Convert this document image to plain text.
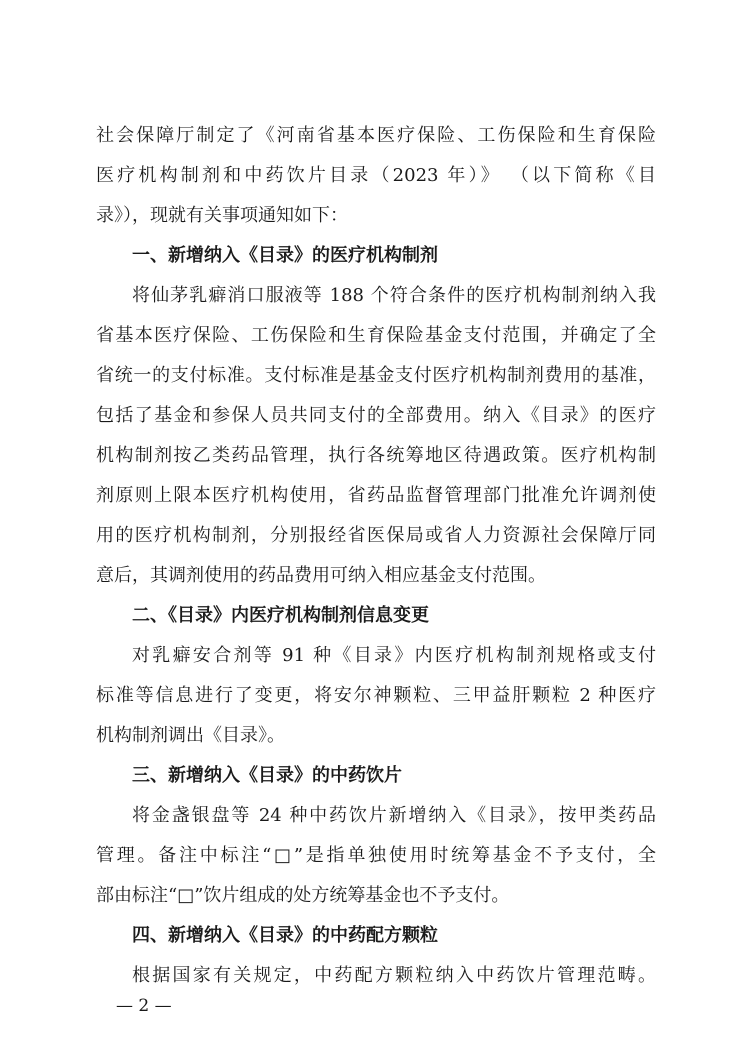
社会保障厅制定了《河南省基本医疗保险、工伤保险和生育保险
医疗机构制剂和中药饮片目录（2023 年）》 （以下简称《目
录》），现就有关事项通知如下：
一、新增纳入《目录》的医疗机构制剂
将仙茅乳癖消口服液等 188 个符合条件的医疗机构制剂纳入我
省基本医疗保险、工伤保险和生育保险基金支付范围，并确定了全
省统一的支付标准。支付标准是基金支付医疗机构制剂费用的基准，
包括了基金和参保人员共同支付的全部费用。纳入《目录》的医疗
机构制剂按乙类药品管理，执行各统筹地区待遇政策。医疗机构制
剂原则上限本医疗机构使用，省药品监督管理部门批准允许调剂使
用的医疗机构制剂，分别报经省医保局或省人力资源社会保障厅同
意后，其调剂使用的药品费用可纳入相应基金支付范围。
二、《目录》内医疗机构制剂信息变更
对乳癖安合剂等 91 种《目录》内医疗机构制剂规格或支付
标准等信息进行了变更，将安尔神颗粒、三甲益肝颗粒 2 种医疗
机构制剂调出《目录》。
三、新增纳入《目录》的中药饮片
将金盏银盘等 24 种中药饮片新增纳入《目录》，按甲类药品
管理。备注中标注“□”是指单独使用时统筹基金不予支付，全
部由标注“□”饮片组成的处方统筹基金也不予支付。
四、新增纳入《目录》的中药配方颗粒
根据国家有关规定，中药配方颗粒纳入中药饮片管理范畴。
— 2 —
